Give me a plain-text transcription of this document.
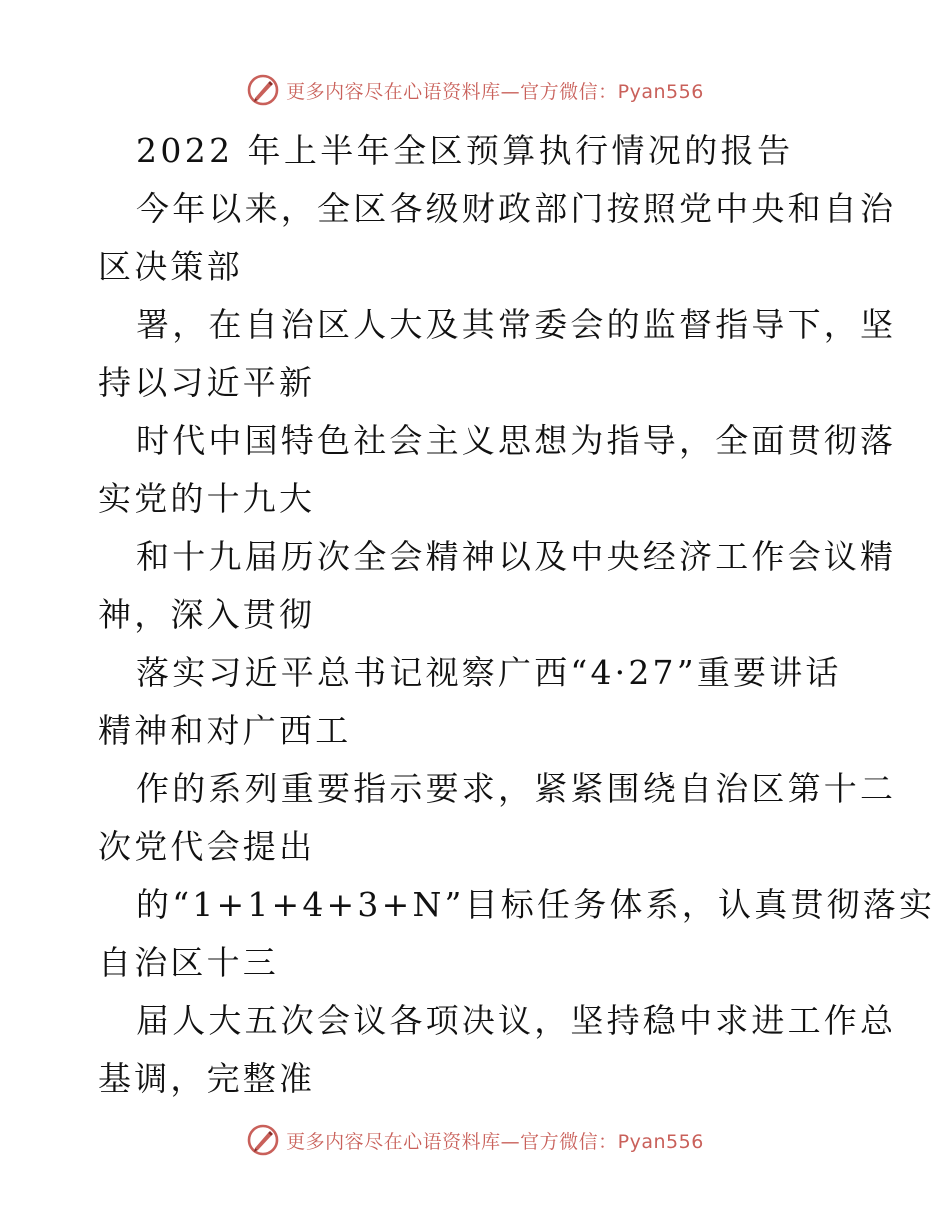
更多内容尽在心语资料库—官方微信：Pyan556
2022 年上半年全区预算执行情况的报告
今年以来，全区各级财政部门按照党中央和自治
区决策部
署，在自治区人大及其常委会的监督指导下，坚
持以习近平新
时代中国特色社会主义思想为指导，全面贯彻落
实党的十九大
和十九届历次全会精神以及中央经济工作会议精
神，深入贯彻
落实习近平总书记视察广西“4·27”重要讲话
精神和对广西工
作的系列重要指示要求，紧紧围绕自治区第十二
次党代会提出
的“1+1+4+3+N”目标任务体系，认真贯彻落实
自治区十三
届人大五次会议各项决议，坚持稳中求进工作总
基调，完整准
更多内容尽在心语资料库—官方微信：Pyan556
